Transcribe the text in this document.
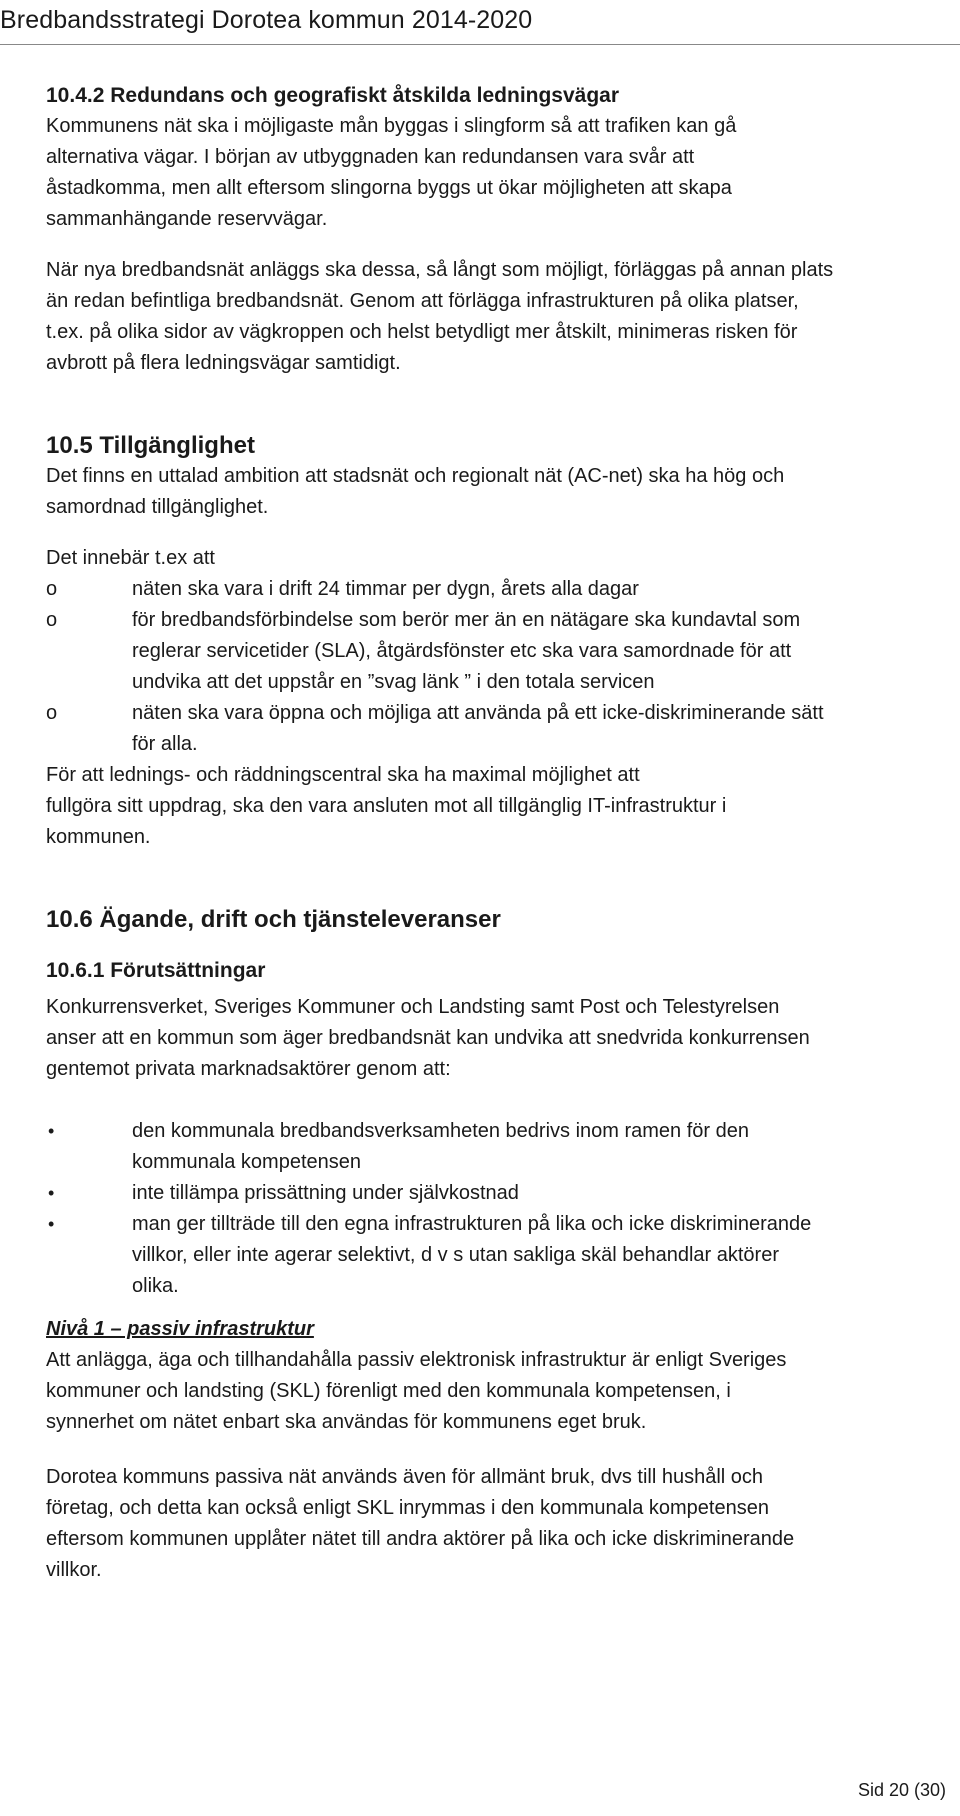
Bredbandsstrategi Dorotea kommun 2014-2020
10.4.2 Redundans och geografiskt åtskilda ledningsvägar

Kommunens nät ska i möjligaste mån byggas i slingform så att trafiken kan gå

alternativa vägar. I början av utbyggnaden kan redundansen vara svår att

åstadkomma, men allt eftersom slingorna byggs ut ökar möjligheten att skapa

sammanhängande reservvägar.

När nya bredbandsnät anläggs ska dessa, så långt som möjligt, förläggas på annan plats

än redan befintliga bredbandsnät. Genom att förlägga infrastrukturen på olika platser,

t.ex. på olika sidor av vägkroppen och helst betydligt mer åtskilt, minimeras risken för

avbrott på flera ledningsvägar samtidigt.

10.5 Tillgänglighet

Det finns en uttalad ambition att stadsnät och regionalt nät (AC-net) ska ha hög och

samordnad tillgänglighet.

Det innebär t.ex att

o	näten ska vara i drift 24 timmar per dygn, årets alla dagar
o	för bredbandsförbindelse som berör mer än en nätägare ska kundavtal som
reglerar servicetider (SLA), åtgärdsfönster etc ska vara samordnade för att
undvika att det uppstår en ”svag länk ” i den totala servicen
o	näten ska vara öppna och möjliga att använda på ett icke-diskriminerande sätt
för alla.

För att lednings- och räddningscentral ska ha maximal möjlighet att

fullgöra sitt uppdrag, ska den vara ansluten mot all tillgänglig IT-infrastruktur i

kommunen.

10.6 Ägande, drift och tjänsteleveranser
10.6.1 Förutsättningar

Konkurrensverket, Sveriges Kommuner och Landsting samt Post och Telestyrelsen

anser att en kommun som äger bredbandsnät kan undvika att snedvrida konkurrensen

gentemot privata marknadsaktörer genom att:

•	den kommunala bredbandsverksamheten bedrivs inom ramen för den
kommunala kompetensen
•	inte tillämpa prissättning under självkostnad
•	man ger tillträde till den egna infrastrukturen på lika och icke diskriminerande
villkor, eller inte agerar selektivt, d v s utan sakliga skäl behandlar aktörer
olika.

Nivå 1 – passiv infrastruktur

Att anlägga, äga och tillhandahålla passiv elektronisk infrastruktur är enligt Sveriges

kommuner och landsting (SKL) förenligt med den kommunala kompetensen, i

synnerhet om nätet enbart ska användas för kommunens eget bruk.

Dorotea kommuns passiva nät används även för allmänt bruk, dvs till hushåll och

företag, och detta kan också enligt SKL inrymmas i den kommunala kompetensen

eftersom kommunen upplåter nätet till andra aktörer på lika och icke diskriminerande

villkor.

Sid 20 (30)
